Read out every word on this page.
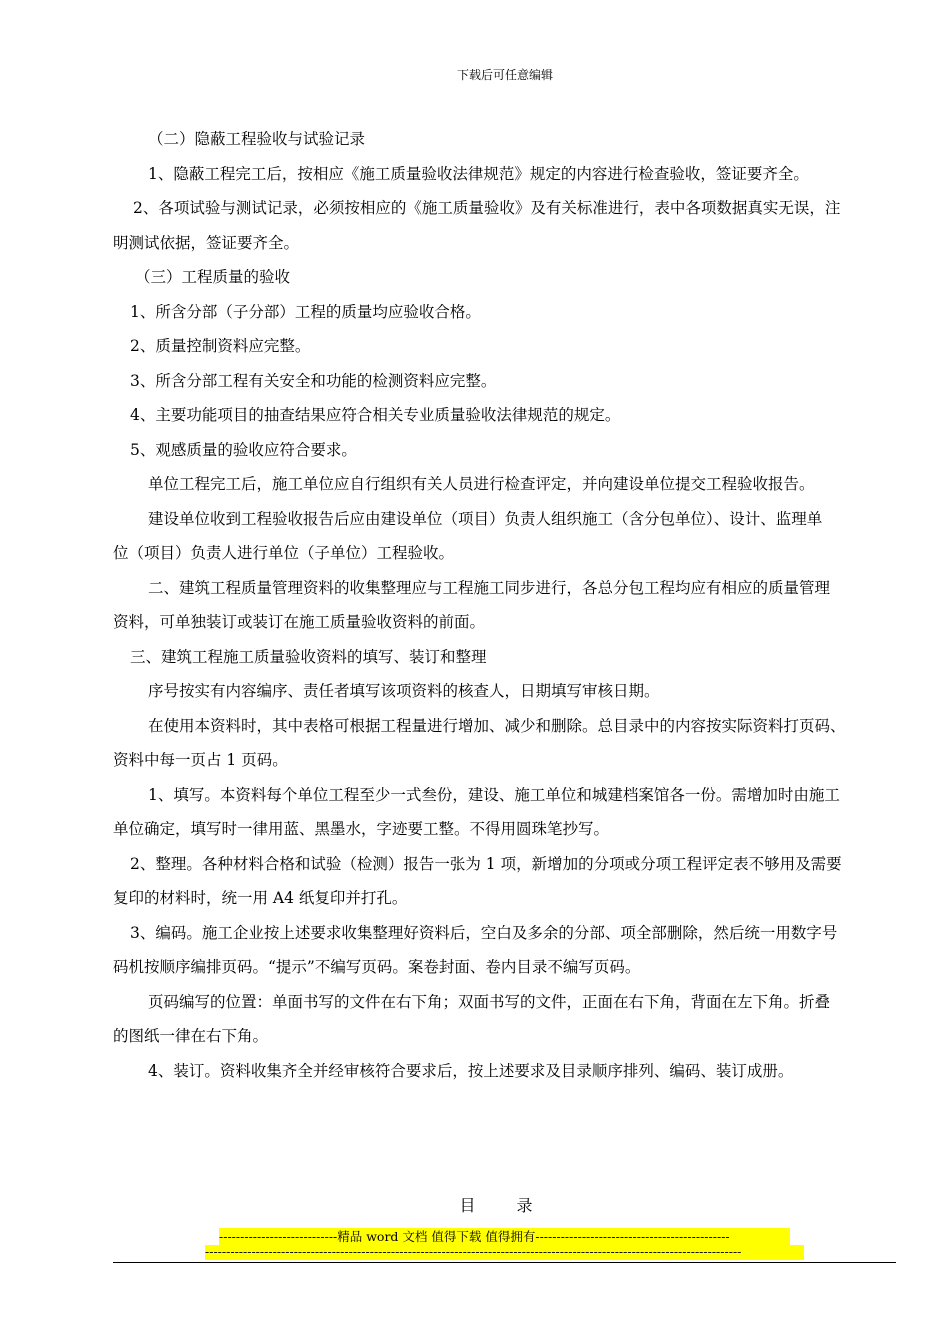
下载后可任意编辑

（二）隐蔽工程验收与试验记录

1、隐蔽工程完工后，按相应《施工质量验收法律规范》规定的内容进行检查验收，签证要齐全。

2、各项试验与测试记录，必须按相应的《施工质量验收》及有关标准进行，表中各项数据真实无误，注

明测试依据，签证要齐全。

（三）工程质量的验收

1、所含分部（子分部）工程的质量均应验收合格。

2、质量控制资料应完整。

3、所含分部工程有关安全和功能的检测资料应完整。

4、主要功能项目的抽查结果应符合相关专业质量验收法律规范的规定。

5、观感质量的验收应符合要求。

单位工程完工后，施工单位应自行组织有关人员进行检查评定，并向建设单位提交工程验收报告。

建设单位收到工程验收报告后应由建设单位（项目）负责人组织施工（含分包单位）、设计、监理单

位（项目）负责人进行单位（子单位）工程验收。

二、建筑工程质量管理资料的收集整理应与工程施工同步进行，各总分包工程均应有相应的质量管理

资料，可单独装订或装订在施工质量验收资料的前面。

三、建筑工程施工质量验收资料的填写、装订和整理

序号按实有内容编序、责任者填写该项资料的核查人，日期填写审核日期。

在使用本资料时，其中表格可根据工程量进行增加、减少和删除。总目录中的内容按实际资料打页码、

资料中每一页占 1 页码。

1、填写。本资料每个单位工程至少一式叁份，建设、施工单位和城建档案馆各一份。需增加时由施工

单位确定，填写时一律用蓝、黑墨水，字迹要工整。不得用圆珠笔抄写。

2、整理。各种材料合格和试验（检测）报告一张为 1 项，新增加的分项或分项工程评定表不够用及需要

复印的材料时，统一用 A4 纸复印并打孔。

3、编码。施工企业按上述要求收集整理好资料后，空白及多余的分部、项全部删除，然后统一用数字号

码机按顺序编排页码。“提示”不编写页码。案卷封面、卷内目录不编写页码。

页码编写的位置：单面书写的文件在右下角；双面书写的文件，正面在右下角，背面在左下角。折叠

的图纸一律在右下角。

4、装订。资料收集齐全并经审核符合要求后，按上述要求及目录顺序排列、编码、装订成册。

目 录
----------------------------精品 word 文档 值得下载 值得拥有----------------------------------------------
-------------------------------------------------------------------------------------------------------------------------------
